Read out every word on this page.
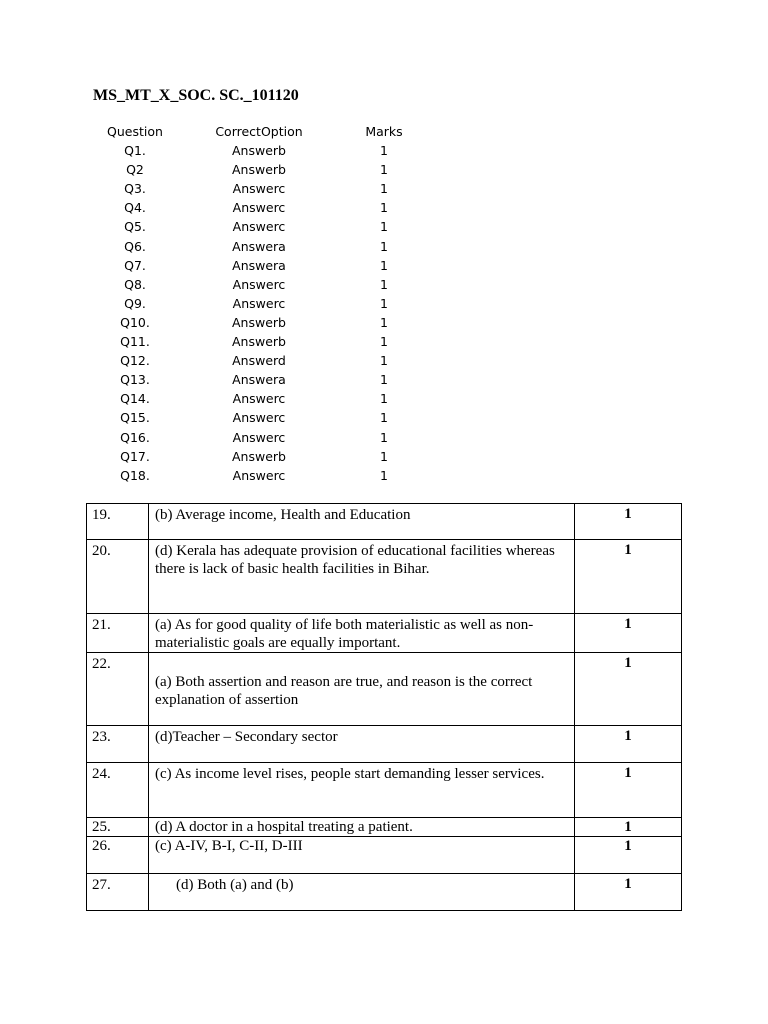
MS_MT_X_SOC. SC._101120
Question	CorrectOption	Marks
Q1.	Answerb	1
Q2	Answerb	1
Q3.	Answerc	1
Q4.	Answerc	1
Q5.	Answerc	1
Q6.	Answera	1
Q7.	Answera	1
Q8.	Answerc	1
Q9.	Answerc	1
Q10.	Answerb	1
Q11.	Answerb	1
Q12.	Answerd	1
Q13.	Answera	1
Q14.	Answerc	1
Q15.	Answerc	1
Q16.	Answerc	1
Q17.	Answerb	1
Q18.	Answerc	1
19.	(b) Average income, Health and Education	1
20.	(d) Kerala has adequate provision of educational facilities whereas there is lack of basic health facilities in Bihar.	1
21.	(a) As for good quality of life both materialistic as well as non-materialistic goals are equally important.	1
22.	(a) Both assertion and reason are true, and reason is the correct explanation of assertion	1
23.	(d)Teacher – Secondary sector	1
24.	(c) As income level rises, people start demanding lesser services.	1
25.	(d) A doctor in a hospital treating a patient.	1
26.	(c) A-IV, B-I, C-II, D-III	1
27.	(d) Both (a) and (b)	1
